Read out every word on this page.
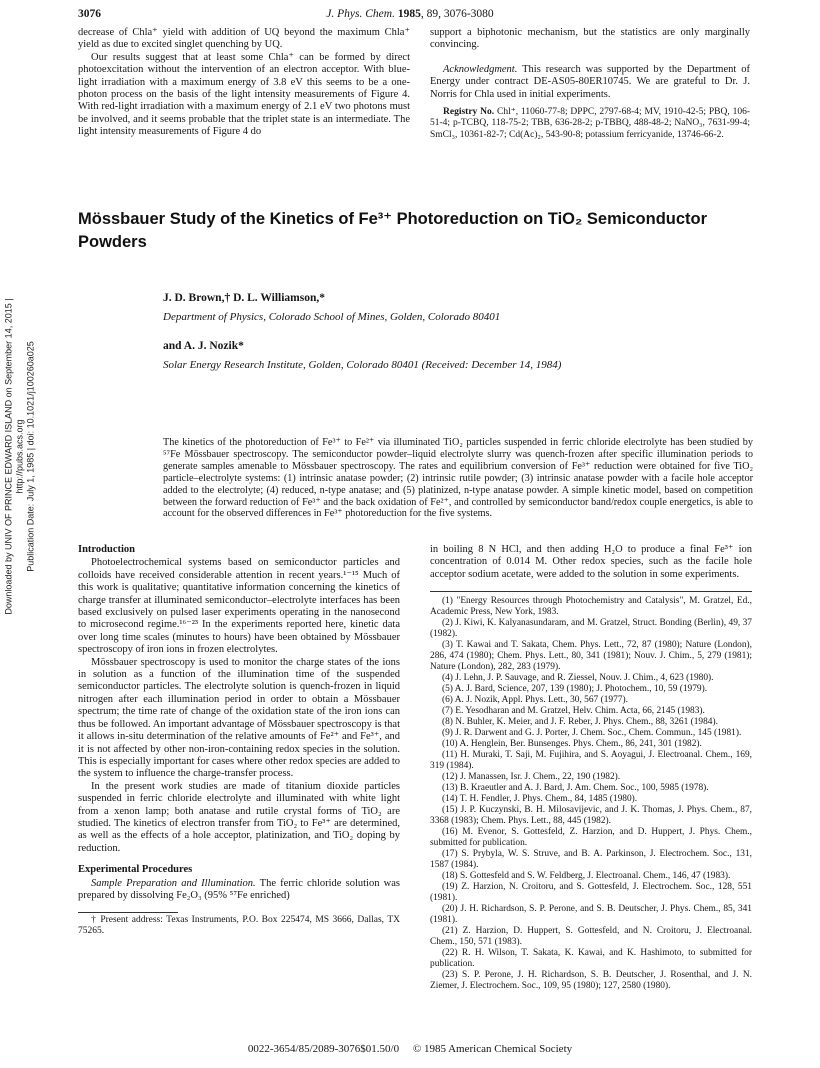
3076	J. Phys. Chem. 1985, 89, 3076-3080
Downloaded by UNIV OF PRINCE EDWARD ISLAND on September 14, 2015 | http://pubs.acs.org Publication Date: July 1, 1985 | doi: 10.1021/j100260a025

decrease of Chla⁺ yield with addition of UQ beyond the maximum Chla⁺ yield as due to excited singlet quenching by UQ.

Our results suggest that at least some Chla⁺ can be formed by direct photoexcitation without the intervention of an electron acceptor. With blue-light irradiation with a maximum energy of 3.8 eV this seems to be a one-photon process on the basis of the light intensity measurements of Figure 4. With red-light irradiation with a maximum energy of 2.1 eV two photons must be involved, and it seems probable that the triplet state is an intermediate. The light intensity measurements of Figure 4 do

support a biphotonic mechanism, but the statistics are only marginally convincing.

Acknowledgment. This research was supported by the Department of Energy under contract DE-AS05-80ER10745. We are grateful to Dr. J. Norris for Chla used in initial experiments.

Registry No. Chl⁺, 11060-77-8; DPPC, 2797-68-4; MV, 1910-42-5; PBQ, 106-51-4; p-TCBQ, 118-75-2; TBB, 636-28-2; p-TBBQ, 488-48-2; NaNO₃, 7631-99-4; SmCl₃, 10361-82-7; Cd(Ac)₂, 543-90-8; potassium ferricyanide, 13746-66-2.

Mössbauer Study of the Kinetics of Fe³⁺ Photoreduction on TiO₂ Semiconductor Powders
J. D. Brown,† D. L. Williamson,*
Department of Physics, Colorado School of Mines, Golden, Colorado 80401
and A. J. Nozik*
Solar Energy Research Institute, Golden, Colorado 80401 (Received: December 14, 1984)
The kinetics of the photoreduction of Fe³⁺ to Fe²⁺ via illuminated TiO₂ particles suspended in ferric chloride electrolyte has been studied by ⁵⁷Fe Mössbauer spectroscopy. The semiconductor powder–liquid electrolyte slurry was quench-frozen after specific illumination periods to generate samples amenable to Mössbauer spectroscopy. The rates and equilibrium conversion of Fe³⁺ reduction were obtained for five TiO₂ particle–electrolyte systems: (1) intrinsic anatase powder; (2) intrinsic rutile powder; (3) intrinsic anatase powder with a facile hole acceptor added to the electrolyte; (4) reduced, n-type anatase; and (5) platinized, n-type anatase powder. A simple kinetic model, based on competition between the forward reduction of Fe³⁺ and the back oxidation of Fe²⁺, and controlled by semiconductor band/redox couple energetics, is able to account for the observed differences in Fe³⁺ photoreduction for the five systems.
Introduction

Photoelectrochemical systems based on semiconductor particles and colloids have received considerable attention in recent years.¹⁻¹⁵ Much of this work is qualitative; quantitative information concerning the kinetics of charge transfer at illuminated semiconductor–electrolyte interfaces has been based exclusively on pulsed laser experiments operating in the nanosecond to microsecond regime.¹⁶⁻²³ In the experiments reported here, kinetic data over long time scales (minutes to hours) have been obtained by Mössbauer spectroscopy of iron ions in frozen electrolytes.

Mössbauer spectroscopy is used to monitor the charge states of the ions in solution as a function of the illumination time of the suspended semiconductor particles. The electrolyte solution is quench-frozen in liquid nitrogen after each illumination period in order to obtain a Mössbauer spectrum; the time rate of change of the oxidation state of the iron ions can thus be followed. An important advantage of Mössbauer spectroscopy is that it allows in-situ determination of the relative amounts of Fe²⁺ and Fe³⁺, and it is not affected by other non-iron-containing redox species in the solution. This is especially important for cases where other redox species are added to the system to influence the charge-transfer process.

In the present work studies are made of titanium dioxide particles suspended in ferric chloride electrolyte and illuminated with white light from a xenon lamp; both anatase and rutile crystal forms of TiO₂ are studied. The kinetics of electron transfer from TiO₂ to Fe³⁺ are determined, as well as the effects of a hole acceptor, platinization, and TiO₂ doping by reduction.

Experimental Procedures

Sample Preparation and Illumination. The ferric chloride solution was prepared by dissolving Fe₂O₃ (95% ⁵⁷Fe enriched)

† Present address: Texas Instruments, P.O. Box 225474, MS 3666, Dallas, TX 75265.

in boiling 8 N HCl, and then adding H₂O to produce a final Fe³⁺ ion concentration of 0.014 M. Other redox species, such as the facile hole acceptor sodium acetate, were added to the solution in some experiments.

(1) "Energy Resources through Photochemistry and Catalysis", M. Gratzel, Ed., Academic Press, New York, 1983.
(2) J. Kiwi, K. Kalyanasundaram, and M. Gratzel, Struct. Bonding (Berlin), 49, 37 (1982).
(3) T. Kawai and T. Sakata, Chem. Phys. Lett., 72, 87 (1980); Nature (London), 286, 474 (1980); Chem. Phys. Lett., 80, 341 (1981); Nouv. J. Chim., 5, 279 (1981); Nature (London), 282, 283 (1979).
(4) J. Lehn, J. P. Sauvage, and R. Ziessel, Nouv. J. Chim., 4, 623 (1980).
(5) A. J. Bard, Science, 207, 139 (1980); J. Photochem., 10, 59 (1979).
(6) A. J. Nozik, Appl. Phys. Lett., 30, 567 (1977).
(7) E. Yesodharan and M. Gratzel, Helv. Chim. Acta, 66, 2145 (1983).
(8) N. Buhler, K. Meier, and J. F. Reber, J. Phys. Chem., 88, 3261 (1984).
(9) J. R. Darwent and G. J. Porter, J. Chem. Soc., Chem. Commun., 145 (1981).
(10) A. Henglein, Ber. Bunsenges. Phys. Chem., 86, 241, 301 (1982).
(11) H. Muraki, T. Saji, M. Fujihira, and S. Aoyagui, J. Electroanal. Chem., 169, 319 (1984).
(12) J. Manassen, Isr. J. Chem., 22, 190 (1982).
(13) B. Kraeutler and A. J. Bard, J. Am. Chem. Soc., 100, 5985 (1978).
(14) T. H. Fendler, J. Phys. Chem., 84, 1485 (1980).
(15) J. P. Kuczynski, B. H. Milosavijevic, and J. K. Thomas, J. Phys. Chem., 87, 3368 (1983); Chem. Phys. Lett., 88, 445 (1982).
(16) M. Evenor, S. Gottesfeld, Z. Harzion, and D. Huppert, J. Phys. Chem., submitted for publication.
(17) S. Prybyla, W. S. Struve, and B. A. Parkinson, J. Electrochem. Soc., 131, 1587 (1984).
(18) S. Gottesfeld and S. W. Feldberg, J. Electroanal. Chem., 146, 47 (1983).
(19) Z. Harzion, N. Croitoru, and S. Gottesfeld, J. Electrochem. Soc., 128, 551 (1981).
(20) J. H. Richardson, S. P. Perone, and S. B. Deutscher, J. Phys. Chem., 85, 341 (1981).
(21) Z. Harzion, D. Huppert, S. Gottesfeld, and N. Croitoru, J. Electroanal. Chem., 150, 571 (1983).
(22) R. H. Wilson, T. Sakata, K. Kawai, and K. Hashimoto, to submitted for publication.
(23) S. P. Perone, J. H. Richardson, S. B. Deutscher, J. Rosenthal, and J. N. Ziemer, J. Electrochem. Soc., 109, 95 (1980); 127, 2580 (1980).
0022-3654/85/2089-3076$01.50/0 © 1985 American Chemical Society
